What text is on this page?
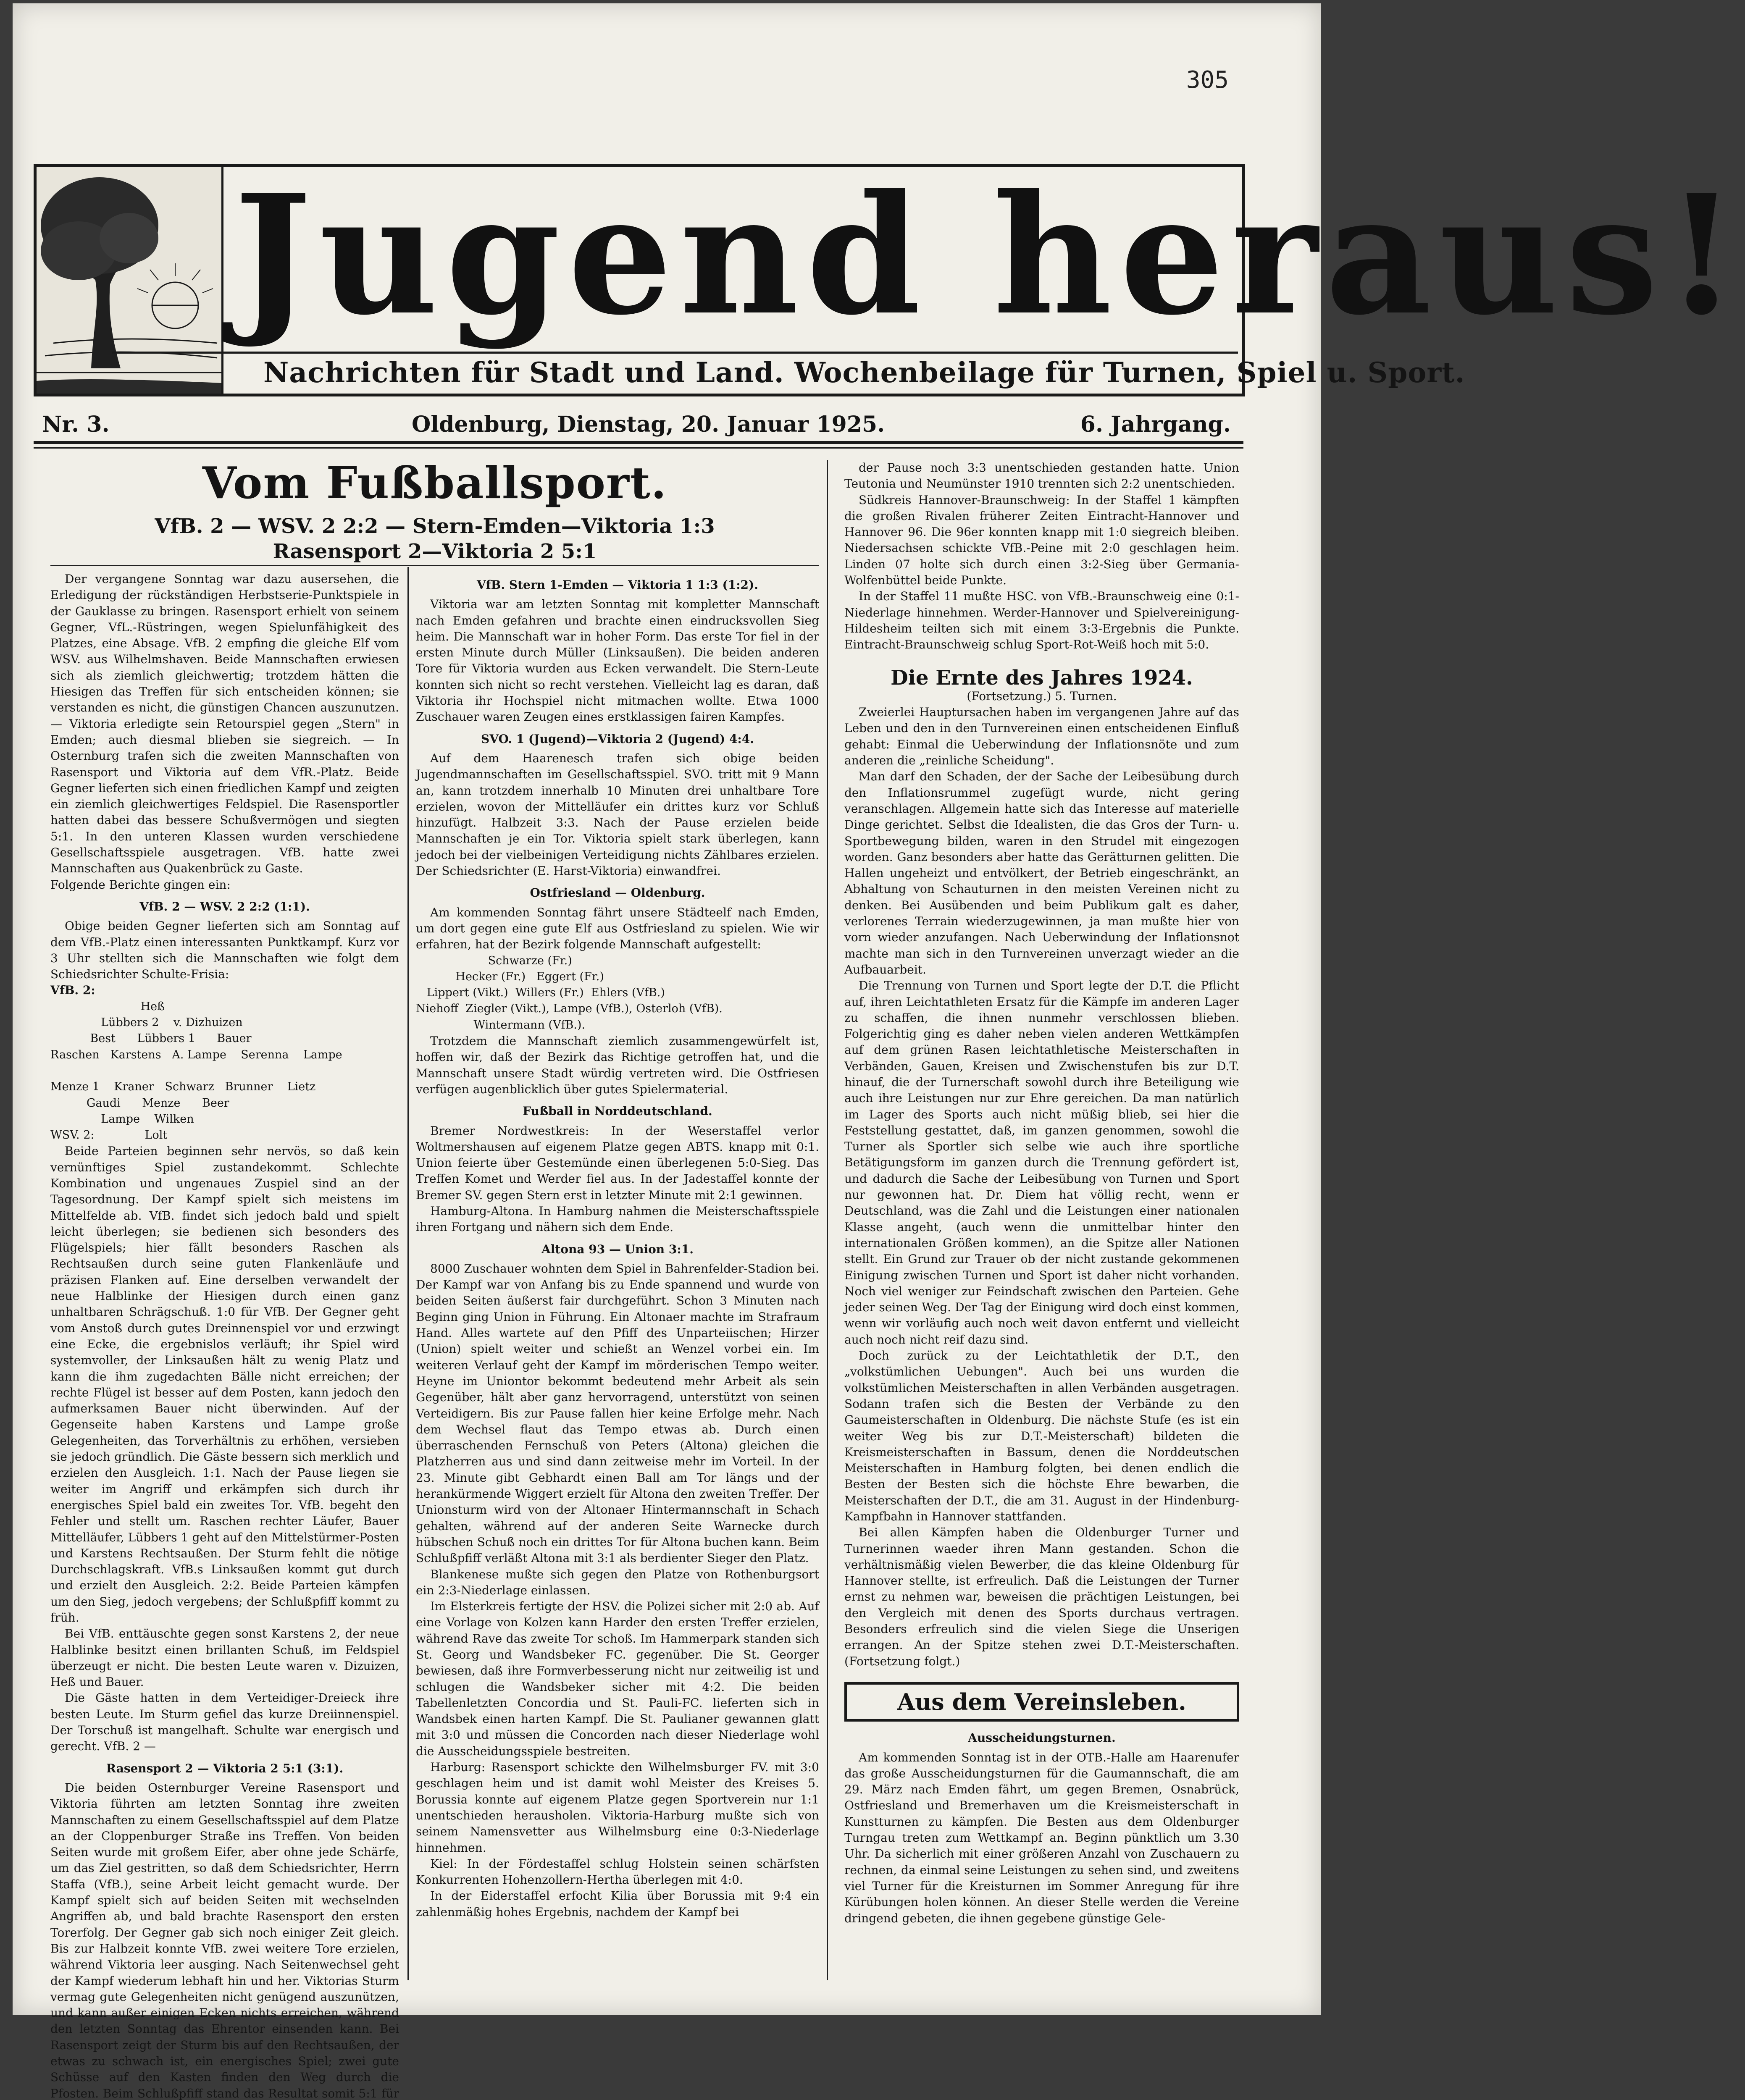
305
Jugend heraus!
Nachrichten für Stadt und Land. Wochenbeilage für Turnen, Spiel u. Sport.
Nr. 3.	Oldenburg, Dienstag, 20. Januar 1925.	6. Jahrgang.
Vom Fußballsport.
VfB. 2 — WSV. 2 2:2 — Stern-Emden—Viktoria 1:3
Rasensport 2—Viktoria 2 5:1

Der vergangene Sonntag war dazu ausersehen, die Erledigung der rückständigen Herbstserie-Punktspiele in der Gauklasse zu bringen. Rasensport erhielt von seinem Gegner, VfL.-Rüstringen, wegen Spielunfähigkeit des Platzes, eine Absage. VfB. 2 empfing die gleiche Elf vom WSV. aus Wilhelmshaven. Beide Mannschaften erwiesen sich als ziemlich gleichwertig; trotzdem hätten die Hiesigen das Treffen für sich entscheiden können; sie verstanden es nicht, die günstigen Chancen auszunutzen. — Viktoria erledigte sein Retourspiel gegen „Stern" in Emden; auch diesmal blieben sie siegreich. — In Osternburg trafen sich die zweiten Mannschaften von Rasensport und Viktoria auf dem VfR.-Platz. Beide Gegner lieferten sich einen friedlichen Kampf und zeigten ein ziemlich gleichwertiges Feldspiel. Die Rasensportler hatten dabei das bessere Schußvermögen und siegten 5:1. In den unteren Klassen wurden verschiedene Gesellschaftsspiele ausgetragen. VfB. hatte zwei Mannschaften aus Quakenbrück zu Gaste.

Folgende Berichte gingen ein:

VfB. 2 — WSV. 2 2:2 (1:1).

Obige beiden Gegner lieferten sich am Sonntag auf dem VfB.-Platz einen interessanten Punktkampf. Kurz vor 3 Uhr stellten sich die Mannschaften wie folgt dem Schiedsrichter Schulte-Frisia:

VfB. 2:

Heß
Lübbers 2    v. Dizhuizen
Best      Lübbers 1      Bauer
Raschen   Karstens   A. Lampe    Serenna    Lampe

Menze 1    Kraner   Schwarz   Brunner    Lietz
Gaudi      Menze      Beer
Lampe    Wilken
WSV. 2:              Lolt

Beide Parteien beginnen sehr nervös, so daß kein vernünftiges Spiel zustandekommt. Schlechte Kombination und ungenaues Zuspiel sind an der Tagesordnung. Der Kampf spielt sich meistens im Mittelfelde ab. VfB. findet sich jedoch bald und spielt leicht überlegen; sie bedienen sich besonders des Flügelspiels; hier fällt besonders Raschen als Rechtsaußen durch seine guten Flankenläufe und präzisen Flanken auf. Eine derselben verwandelt der neue Halblinke der Hiesigen durch einen ganz unhaltbaren Schrägschuß. 1:0 für VfB. Der Gegner geht vom Anstoß durch gutes Dreinnenspiel vor und erzwingt eine Ecke, die ergebnislos verläuft; ihr Spiel wird systemvoller, der Linksaußen hält zu wenig Platz und kann die ihm zugedachten Bälle nicht erreichen; der rechte Flügel ist besser auf dem Posten, kann jedoch den aufmerksamen Bauer nicht überwinden. Auf der Gegenseite haben Karstens und Lampe große Gelegenheiten, das Torverhältnis zu erhöhen, versieben sie jedoch gründlich. Die Gäste bessern sich merklich und erzielen den Ausgleich. 1:1. Nach der Pause liegen sie weiter im Angriff und erkämpfen sich durch ihr energisches Spiel bald ein zweites Tor. VfB. begeht den Fehler und stellt um. Raschen rechter Läufer, Bauer Mittelläufer, Lübbers 1 geht auf den Mittelstürmer-Posten und Karstens Rechtsaußen. Der Sturm fehlt die nötige Durchschlagskraft. VfB.s Linksaußen kommt gut durch und erzielt den Ausgleich. 2:2. Beide Parteien kämpfen um den Sieg, jedoch vergebens; der Schlußpfiff kommt zu früh.

Bei VfB. enttäuschte gegen sonst Karstens 2, der neue Halblinke besitzt einen brillanten Schuß, im Feldspiel überzeugt er nicht. Die besten Leute waren v. Dizuizen, Heß und Bauer.

Die Gäste hatten in dem Verteidiger-Dreieck ihre besten Leute. Im Sturm gefiel das kurze Dreiinnenspiel. Der Torschuß ist mangelhaft. Schulte war energisch und gerecht. VfB. 2 —

Rasensport 2 — Viktoria 2 5:1 (3:1).

Die beiden Osternburger Vereine Rasensport und Viktoria führten am letzten Sonntag ihre zweiten Mannschaften zu einem Gesellschaftsspiel auf dem Platze an der Cloppenburger Straße ins Treffen. Von beiden Seiten wurde mit großem Eifer, aber ohne jede Schärfe, um das Ziel gestritten, so daß dem Schiedsrichter, Herrn Staffa (VfB.), seine Arbeit leicht gemacht wurde. Der Kampf spielt sich auf beiden Seiten mit wechselnden Angriffen ab, und bald brachte Rasensport den ersten Torerfolg. Der Gegner gab sich noch einiger Zeit gleich. Bis zur Halbzeit konnte VfB. zwei weitere Tore erzielen, während Viktoria leer ausging. Nach Seitenwechsel geht der Kampf wiederum lebhaft hin und her. Viktorias Sturm vermag gute Gelegenheiten nicht genügend auszunützen, und kann außer einigen Ecken nichts erreichen, während den letzten Sonntag das Ehrentor einsenden kann. Bei Rasensport zeigt der Sturm bis auf den Rechtsaußen, der etwas zu schwach ist, ein energisches Spiel; zwei gute Schüsse auf den Kasten finden den Weg durch die Pfosten. Beim Schlußpfiff stand das Resultat somit 5:1 für

VfB. Stern 1-Emden — Viktoria 1 1:3 (1:2).

Viktoria war am letzten Sonntag mit kompletter Mannschaft nach Emden gefahren und brachte einen eindrucksvollen Sieg heim. Die Mannschaft war in hoher Form. Das erste Tor fiel in der ersten Minute durch Müller (Linksaußen). Die beiden anderen Tore für Viktoria wurden aus Ecken verwandelt. Die Stern-Leute konnten sich nicht so recht verstehen. Vielleicht lag es daran, daß Viktoria ihr Hochspiel nicht mitmachen wollte. Etwa 1000 Zuschauer waren Zeugen eines erstklassigen fairen Kampfes.

SVO. 1 (Jugend)—Viktoria 2 (Jugend) 4:4.

Auf dem Haarenesch trafen sich obige beiden Jugendmannschaften im Gesellschaftsspiel. SVO. tritt mit 9 Mann an, kann trotzdem innerhalb 10 Minuten drei unhaltbare Tore erzielen, wovon der Mittelläufer ein drittes kurz vor Schluß hinzufügt. Halbzeit 3:3. Nach der Pause erzielen beide Mannschaften je ein Tor. Viktoria spielt stark überlegen, kann jedoch bei der vielbeinigen Verteidigung nichts Zählbares erzielen. Der Schiedsrichter (E. Harst-Viktoria) einwandfrei.

Ostfriesland — Oldenburg.

Am kommenden Sonntag fährt unsere Städteelf nach Emden, um dort gegen eine gute Elf aus Ostfriesland zu spielen. Wie wir erfahren, hat der Bezirk folgende Mannschaft aufgestellt:

Schwarze (Fr.)
Hecker (Fr.)   Eggert (Fr.)
Lippert (Vikt.)  Willers (Fr.)  Ehlers (VfB.)
Niehoff  Ziegler (Vikt.), Lampe (VfB.), Osterloh (VfB).
Wintermann (VfB.).

Trotzdem die Mannschaft ziemlich zusammengewürfelt ist, hoffen wir, daß der Bezirk das Richtige getroffen hat, und die Mannschaft unsere Stadt würdig vertreten wird. Die Ostfriesen verfügen augenblicklich über gutes Spielermaterial.

Fußball in Norddeutschland.

Bremer Nordwestkreis: In der Weserstaffel verlor Woltmershausen auf eigenem Platze gegen ABTS. knapp mit 0:1. Union feierte über Gestemünde einen überlegenen 5:0-Sieg. Das Treffen Komet und Werder fiel aus. In der Jadestaffel konnte der Bremer SV. gegen Stern erst in letzter Minute mit 2:1 gewinnen.

Hamburg-Altona. In Hamburg nahmen die Meisterschaftsspiele ihren Fortgang und nähern sich dem Ende.

Altona 93 — Union 3:1.

8000 Zuschauer wohnten dem Spiel in Bahrenfelder-Stadion bei. Der Kampf war von Anfang bis zu Ende spannend und wurde von beiden Seiten äußerst fair durchgeführt. Schon 3 Minuten nach Beginn ging Union in Führung. Ein Altonaer machte im Strafraum Hand. Alles wartete auf den Pfiff des Unparteiischen; Hirzer (Union) spielt weiter und schießt an Wenzel vorbei ein. Im weiteren Verlauf geht der Kampf im mörderischen Tempo weiter. Heyne im Uniontor bekommt bedeutend mehr Arbeit als sein Gegenüber, hält aber ganz hervorragend, unterstützt von seinen Verteidigern. Bis zur Pause fallen hier keine Erfolge mehr. Nach dem Wechsel flaut das Tempo etwas ab. Durch einen überraschenden Fernschuß von Peters (Altona) gleichen die Platzherren aus und sind dann zeitweise mehr im Vorteil. In der 23. Minute gibt Gebhardt einen Ball am Tor längs und der herankürmende Wiggert erzielt für Altona den zweiten Treffer. Der Unionsturm wird von der Altonaer Hintermannschaft in Schach gehalten, während auf der anderen Seite Warnecke durch hübschen Schuß noch ein drittes Tor für Altona buchen kann. Beim Schlußpfiff verläßt Altona mit 3:1 als berdienter Sieger den Platz.

Blankenese mußte sich gegen den Platze von Rothenburgsort ein 2:3-Niederlage einlassen.

Im Elsterkreis fertigte der HSV. die Polizei sicher mit 2:0 ab. Auf eine Vorlage von Kolzen kann Harder den ersten Treffer erzielen, während Rave das zweite Tor schoß. Im Hammerpark standen sich St. Georg und Wandsbeker FC. gegenüber. Die St. Georger bewiesen, daß ihre Formverbesserung nicht nur zeitweilig ist und schlugen die Wandsbeker sicher mit 4:2. Die beiden Tabellenletzten Concordia und St. Pauli-FC. lieferten sich in Wandsbek einen harten Kampf. Die St. Paulianer gewannen glatt mit 3:0 und müssen die Concorden nach dieser Niederlage wohl die Ausscheidungsspiele bestreiten.

Harburg: Rasensport schickte den Wilhelmsburger FV. mit 3:0 geschlagen heim und ist damit wohl Meister des Kreises 5. Borussia konnte auf eigenem Platze gegen Sportverein nur 1:1 unentschieden herausholen. Viktoria-Harburg mußte sich von seinem Namensvetter aus Wilhelmsburg eine 0:3-Niederlage hinnehmen.

Kiel: In der Fördestaffel schlug Holstein seinen schärfsten Konkurrenten Hohenzollern-Hertha überlegen mit 4:0.

In der Eiderstaffel erfocht Kilia über Borussia mit 9:4 ein zahlenmäßig hohes Ergebnis, nachdem der Kampf bei

der Pause noch 3:3 unentschieden gestanden hatte. Union Teutonia und Neumünster 1910 trennten sich 2:2 unentschieden.

Südkreis Hannover-Braunschweig: In der Staffel 1 kämpften die großen Rivalen früherer Zeiten Eintracht-Hannover und Hannover 96. Die 96er konnten knapp mit 1:0 siegreich bleiben. Niedersachsen schickte VfB.-Peine mit 2:0 geschlagen heim. Linden 07 holte sich durch einen 3:2-Sieg über Germania-Wolfenbüttel beide Punkte.

In der Staffel 11 mußte HSC. von VfB.-Braunschweig eine 0:1-Niederlage hinnehmen. Werder-Hannover und Spielvereinigung-Hildesheim teilten sich mit einem 3:3-Ergebnis die Punkte. Eintracht-Braunschweig schlug Sport-Rot-Weiß hoch mit 5:0.

Die Ernte des Jahres 1924.

(Fortsetzung.) 5. Turnen.

Zweierlei Hauptursachen haben im vergangenen Jahre auf das Leben und den in den Turnvereinen einen entscheidenen Einfluß gehabt: Einmal die Ueberwindung der Inflationsnöte und zum anderen die „reinliche Scheidung".

Man darf den Schaden, der der Sache der Leibesübung durch den Inflationsrummel zugefügt wurde, nicht gering veranschlagen. Allgemein hatte sich das Interesse auf materielle Dinge gerichtet. Selbst die Idealisten, die das Gros der Turn- u. Sportbewegung bilden, waren in den Strudel mit eingezogen worden. Ganz besonders aber hatte das Gerätturnen gelitten. Die Hallen ungeheizt und entvölkert, der Betrieb eingeschränkt, an Abhaltung von Schauturnen in den meisten Vereinen nicht zu denken. Bei Ausübenden und beim Publikum galt es daher, verlorenes Terrain wiederzugewinnen, ja man mußte hier von vorn wieder anzufangen. Nach Ueberwindung der Inflationsnot machte man sich in den Turnvereinen unverzagt wieder an die Aufbauarbeit.

Die Trennung von Turnen und Sport legte der D.T. die Pflicht auf, ihren Leichtathleten Ersatz für die Kämpfe im anderen Lager zu schaffen, die ihnen nunmehr verschlossen blieben. Folgerichtig ging es daher neben vielen anderen Wettkämpfen auf dem grünen Rasen leichtathletische Meisterschaften in Verbänden, Gauen, Kreisen und Zwischenstufen bis zur D.T. hinauf, die der Turnerschaft sowohl durch ihre Beteiligung wie auch ihre Leistungen nur zur Ehre gereichen. Da man natürlich im Lager des Sports auch nicht müßig blieb, sei hier die Feststellung gestattet, daß, im ganzen genommen, sowohl die Turner als Sportler sich selbe wie auch ihre sportliche Betätigungsform im ganzen durch die Trennung gefördert ist, und dadurch die Sache der Leibesübung von Turnen und Sport nur gewonnen hat. Dr. Diem hat völlig recht, wenn er Deutschland, was die Zahl und die Leistungen einer nationalen Klasse angeht, (auch wenn die unmittelbar hinter den internationalen Größen kommen), an die Spitze aller Nationen stellt. Ein Grund zur Trauer ob der nicht zustande gekommenen Einigung zwischen Turnen und Sport ist daher nicht vorhanden. Noch viel weniger zur Feindschaft zwischen den Parteien. Gehe jeder seinen Weg. Der Tag der Einigung wird doch einst kommen, wenn wir vorläufig auch noch weit davon entfernt und vielleicht auch noch nicht reif dazu sind.

Doch zurück zu der Leichtathletik der D.T., den „volkstümlichen Uebungen". Auch bei uns wurden die volkstümlichen Meisterschaften in allen Verbänden ausgetragen. Sodann trafen sich die Besten der Verbände zu den Gaumeisterschaften in Oldenburg. Die nächste Stufe (es ist ein weiter Weg bis zur D.T.-Meisterschaft) bildeten die Kreismeisterschaften in Bassum, denen die Norddeutschen Meisterschaften in Hamburg folgten, bei denen endlich die Besten der Besten sich die höchste Ehre bewarben, die Meisterschaften der D.T., die am 31. August in der Hindenburg-Kampfbahn in Hannover stattfanden.

Bei allen Kämpfen haben die Oldenburger Turner und Turnerinnen waeder ihren Mann gestanden. Schon die verhältnismäßig vielen Bewerber, die das kleine Oldenburg für Hannover stellte, ist erfreulich. Daß die Leistungen der Turner ernst zu nehmen war, beweisen die prächtigen Leistungen, bei den Vergleich mit denen des Sports durchaus vertragen. Besonders erfreulich sind die vielen Siege die Unserigen errangen. An der Spitze stehen zwei D.T.-Meisterschaften. (Fortsetzung folgt.)

Aus dem Vereinsleben.

Ausscheidungsturnen.

Am kommenden Sonntag ist in der OTB.-Halle am Haarenufer das große Ausscheidungsturnen für die Gaumannschaft, die am 29. März nach Emden fährt, um gegen Bremen, Osnabrück, Ostfriesland und Bremerhaven um die Kreismeisterschaft in Kunstturnen zu kämpfen. Die Besten aus dem Oldenburger Turngau treten zum Wettkampf an. Beginn pünktlich um 3.30 Uhr. Da sicherlich mit einer größeren Anzahl von Zuschauern zu rechnen, da einmal seine Leistungen zu sehen sind, und zweitens viel Turner für die Kreisturnen im Sommer Anregung für ihre Kürübungen holen können. An dieser Stelle werden die Vereine dringend gebeten, die ihnen gegebene günstige Gele-
